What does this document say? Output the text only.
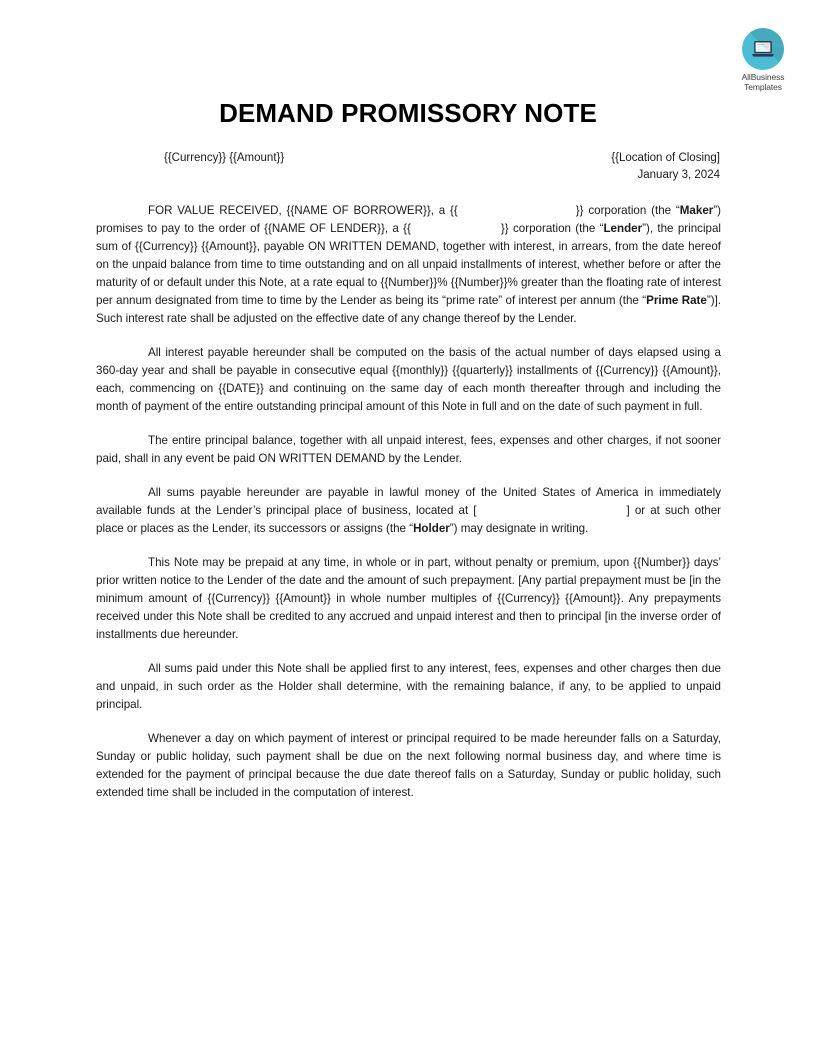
AllBusiness
Templates
DEMAND PROMISSORY NOTE
{{Currency}} {{Amount}}	{{Location of Closing]
January 3, 2024

FOR VALUE RECEIVED, {{NAME OF BORROWER}}, a {{	}} corporation (the “Maker”) promises to pay to the order of {{NAME OF LENDER}}, a {{	}} corporation (the “Lender”), the principal sum of {{Currency}} {{Amount}}, payable ON WRITTEN DEMAND, together with interest, in arrears, from the date hereof on the unpaid balance from time to time outstanding and on all unpaid installments of interest, whether before or after the maturity of or default under this Note, at a rate equal to {{Number}}% {{Number}}% greater than the floating rate of interest per annum designated from time to time by the Lender as being its “prime rate” of interest per annum (the “Prime Rate”)]. Such interest rate shall be adjusted on the effective date of any change thereof by the Lender.

All interest payable hereunder shall be computed on the basis of the actual number of days elapsed using a 360-day year and shall be payable in consecutive equal {{monthly}} {{quarterly}} installments of {{Currency}} {{Amount}}, each, commencing on {{DATE}} and continuing on the same day of each month thereafter through and including the month of payment of the entire outstanding principal amount of this Note in full and on the date of such payment in full.

The entire principal balance, together with all unpaid interest, fees, expenses and other charges, if not sooner paid, shall in any event be paid ON WRITTEN DEMAND by the Lender.

All sums payable hereunder are payable in lawful money of the United States of America in immediately available funds at the Lender’s principal place of business, located at [	] or at such other place or places as the Lender, its successors or assigns (the “Holder”) may designate in writing.

This Note may be prepaid at any time, in whole or in part, without penalty or premium, upon {{Number}} days’ prior written notice to the Lender of the date and the amount of such prepayment. [Any partial prepayment must be [in the minimum amount of {{Currency}} {{Amount}} in whole number multiples of {{Currency}} {{Amount}}. Any prepayments received under this Note shall be credited to any accrued and unpaid interest and then to principal [in the inverse order of installments due hereunder.

All sums paid under this Note shall be applied first to any interest, fees, expenses and other charges then due and unpaid, in such order as the Holder shall determine, with the remaining balance, if any, to be applied to unpaid principal.

Whenever a day on which payment of interest or principal required to be made hereunder falls on a Saturday, Sunday or public holiday, such payment shall be due on the next following normal business day, and where time is extended for the payment of principal because the due date thereof falls on a Saturday, Sunday or public holiday, such extended time shall be included in the computation of interest.
